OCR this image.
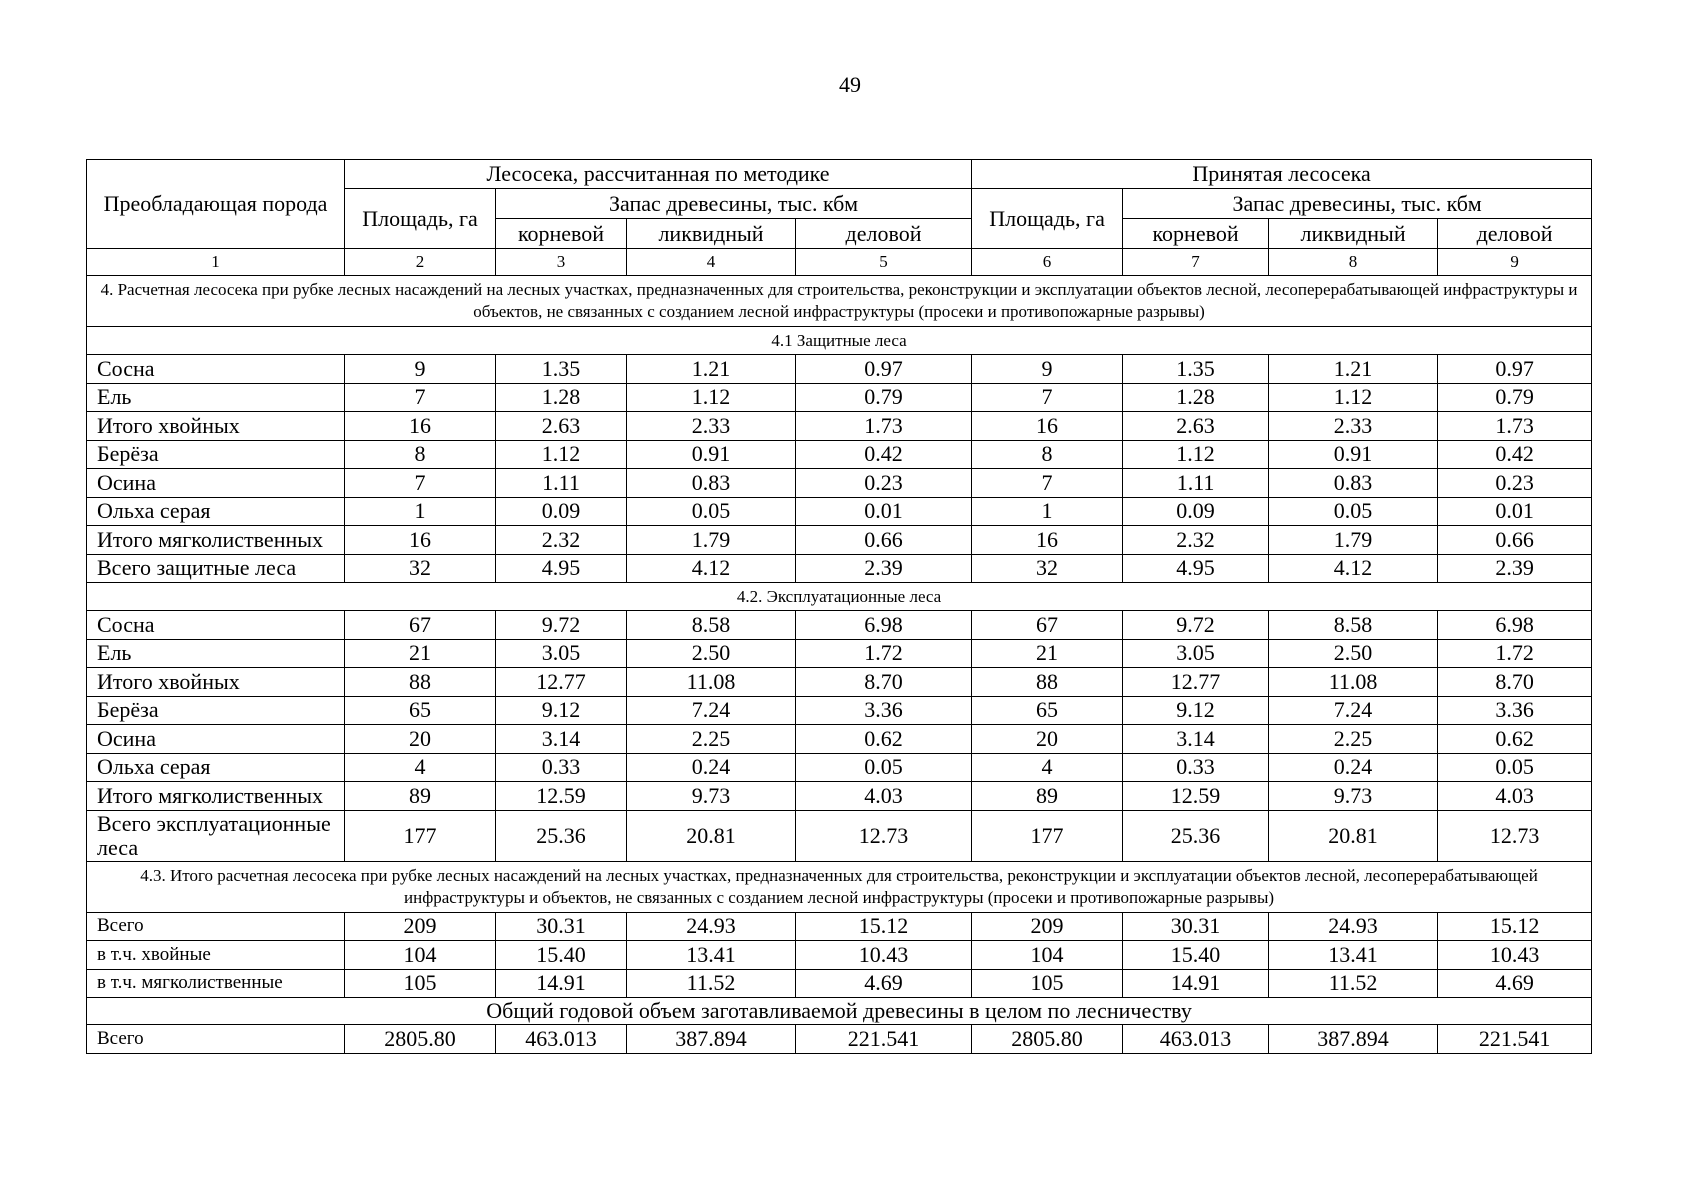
49
Преобладающая порода	Лесосека, рассчитанная по методике				Принятая лесосека			
	Площадь, га	Запас древесины, тыс. кбм			Площадь, га	Запас древесины, тыс. кбм		
		корневой	ликвидный	деловой		корневой	ликвидный	деловой
1	2	3	4	5	6	7	8	9
4. Расчетная лесосека при рубке лесных насаждений на лесных участках, предназначенных для строительства, реконструкции и эксплуатации объектов лесной, лесоперерабатывающей инфраструктуры и объектов, не связанных с созданием лесной инфраструктуры (просеки и противопожарные разрывы)								
4.1 Защитные леса								
Сосна	9	1.35	1.21	0.97	9	1.35	1.21	0.97
Ель	7	1.28	1.12	0.79	7	1.28	1.12	0.79
Итого хвойных	16	2.63	2.33	1.73	16	2.63	2.33	1.73
Берёза	8	1.12	0.91	0.42	8	1.12	0.91	0.42
Осина	7	1.11	0.83	0.23	7	1.11	0.83	0.23
Ольха серая	1	0.09	0.05	0.01	1	0.09	0.05	0.01
Итого мягколиственных	16	2.32	1.79	0.66	16	2.32	1.79	0.66
Всего защитные леса	32	4.95	4.12	2.39	32	4.95	4.12	2.39
4.2. Эксплуатационные леса								
Сосна	67	9.72	8.58	6.98	67	9.72	8.58	6.98
Ель	21	3.05	2.50	1.72	21	3.05	2.50	1.72
Итого хвойных	88	12.77	11.08	8.70	88	12.77	11.08	8.70
Берёза	65	9.12	7.24	3.36	65	9.12	7.24	3.36
Осина	20	3.14	2.25	0.62	20	3.14	2.25	0.62
Ольха серая	4	0.33	0.24	0.05	4	0.33	0.24	0.05
Итого мягколиственных	89	12.59	9.73	4.03	89	12.59	9.73	4.03
Всего эксплуатационные леса	177	25.36	20.81	12.73	177	25.36	20.81	12.73
4.3. Итого расчетная лесосека при рубке лесных насаждений на лесных участках, предназначенных для строительства, реконструкции и эксплуатации объектов лесной, лесоперерабатывающей инфраструктуры и объектов, не связанных с созданием лесной инфраструктуры (просеки и противопожарные разрывы)								
Всего	209	30.31	24.93	15.12	209	30.31	24.93	15.12
в т.ч. хвойные	104	15.40	13.41	10.43	104	15.40	13.41	10.43
в т.ч. мягколиственные	105	14.91	11.52	4.69	105	14.91	11.52	4.69
Общий годовой объем заготавливаемой древесины в целом по лесничеству								
Всего	2805.80	463.013	387.894	221.541	2805.80	463.013	387.894	221.541
